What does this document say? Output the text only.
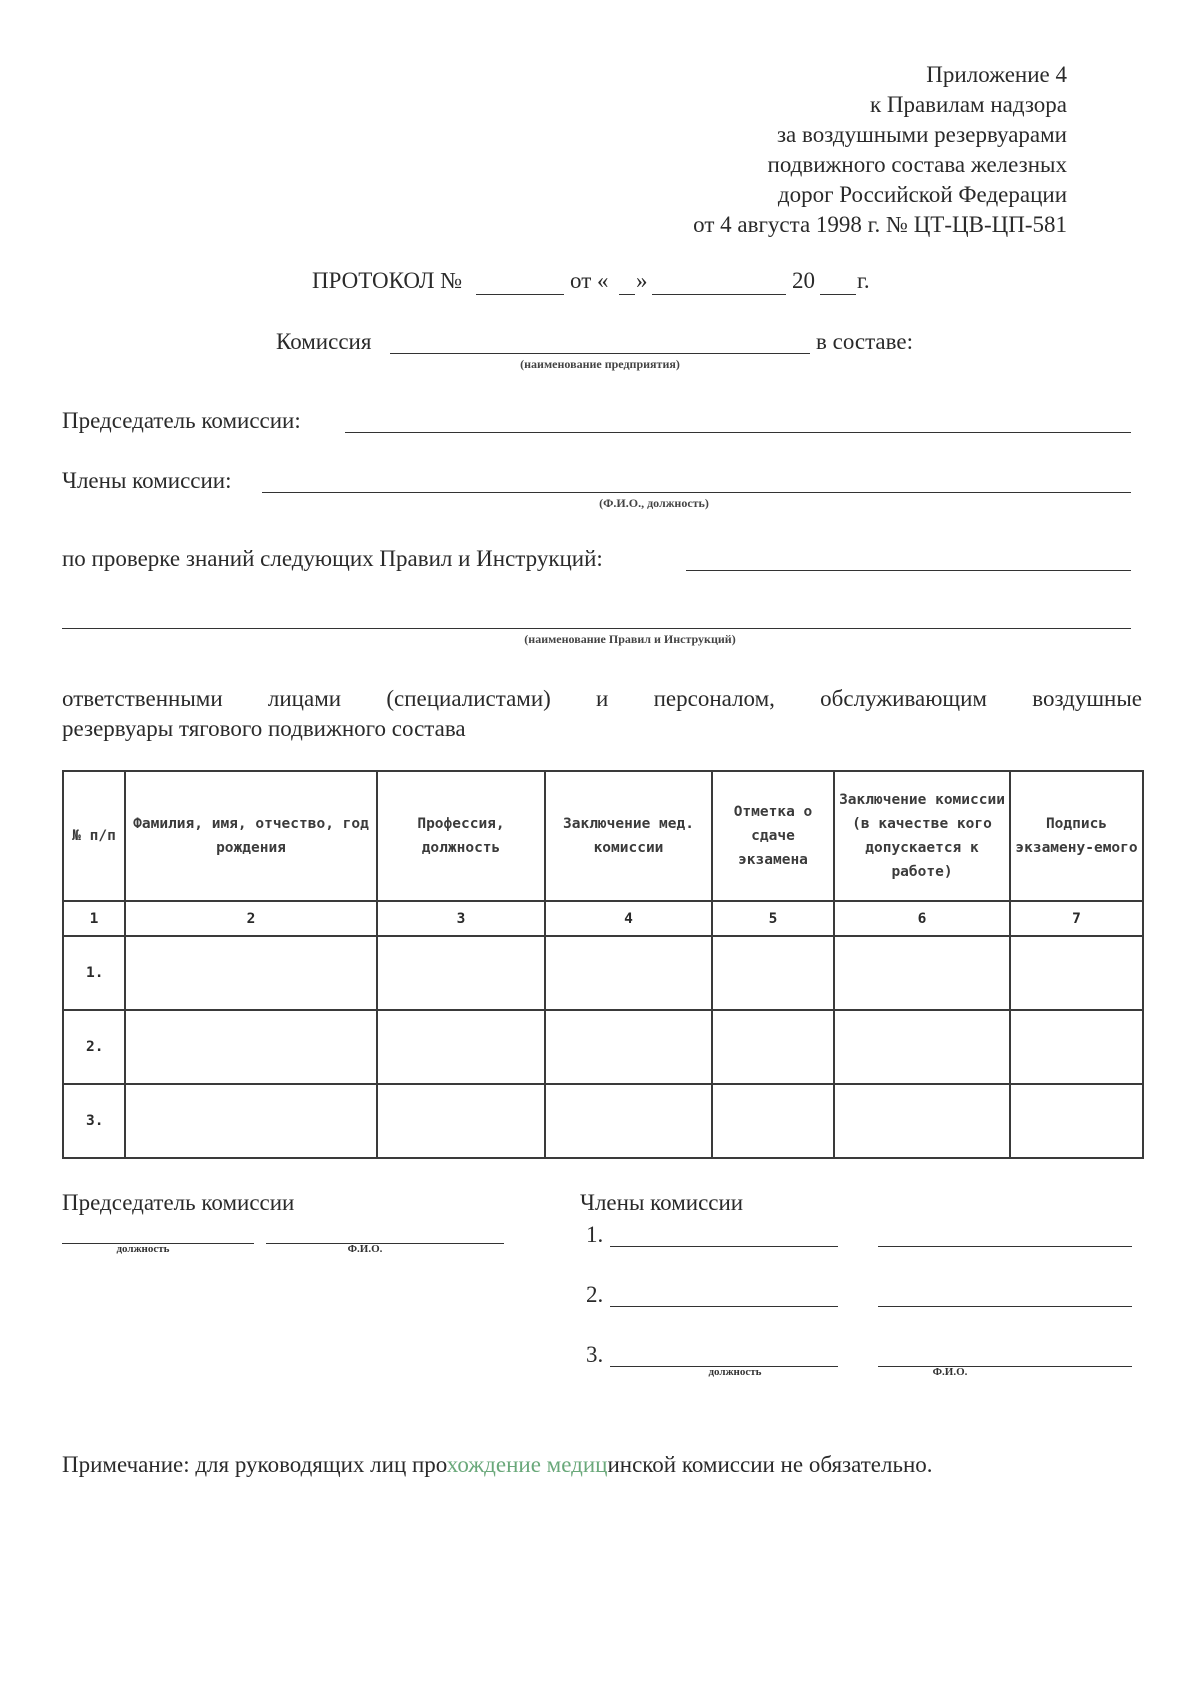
Приложение 4
к Правилам надзора
за воздушными резервуарами
подвижного состава железных
дорог Российской Федерации
от 4 августа 1998 г. № ЦТ-ЦВ-ЦП-581
ПРОТОКОЛ №	от « »	20 г.
Комиссия
(наименование предприятия)
в составе:
Председатель комиссии:
Члены комиссии:
(Ф.И.О., должность)
по проверке знаний следующих Правил и Инструкций:
(наименование Правил и Инструкций)
ответственными лицами (специалистами) и персоналом, обслуживающим воздушные
резервуары тягового подвижного состава
№ п/п	Фамилия, имя, отчество, год рождения	Профессия, должность	Заключение мед. комиссии	Отметка о сдаче экзамена	Заключение комиссии (в качестве кого допускается к работе)	Подпись экзамену-емого
1	2	3	4	5	6	7
1.						
2.						
3.						
Председатель комиссии
должность	Ф.И.О.
Члены комиссии
1.
2.
3.
должность	Ф.И.О.
Примечание: для руководящих лиц прохождение медицинской комиссии не обязательно.
